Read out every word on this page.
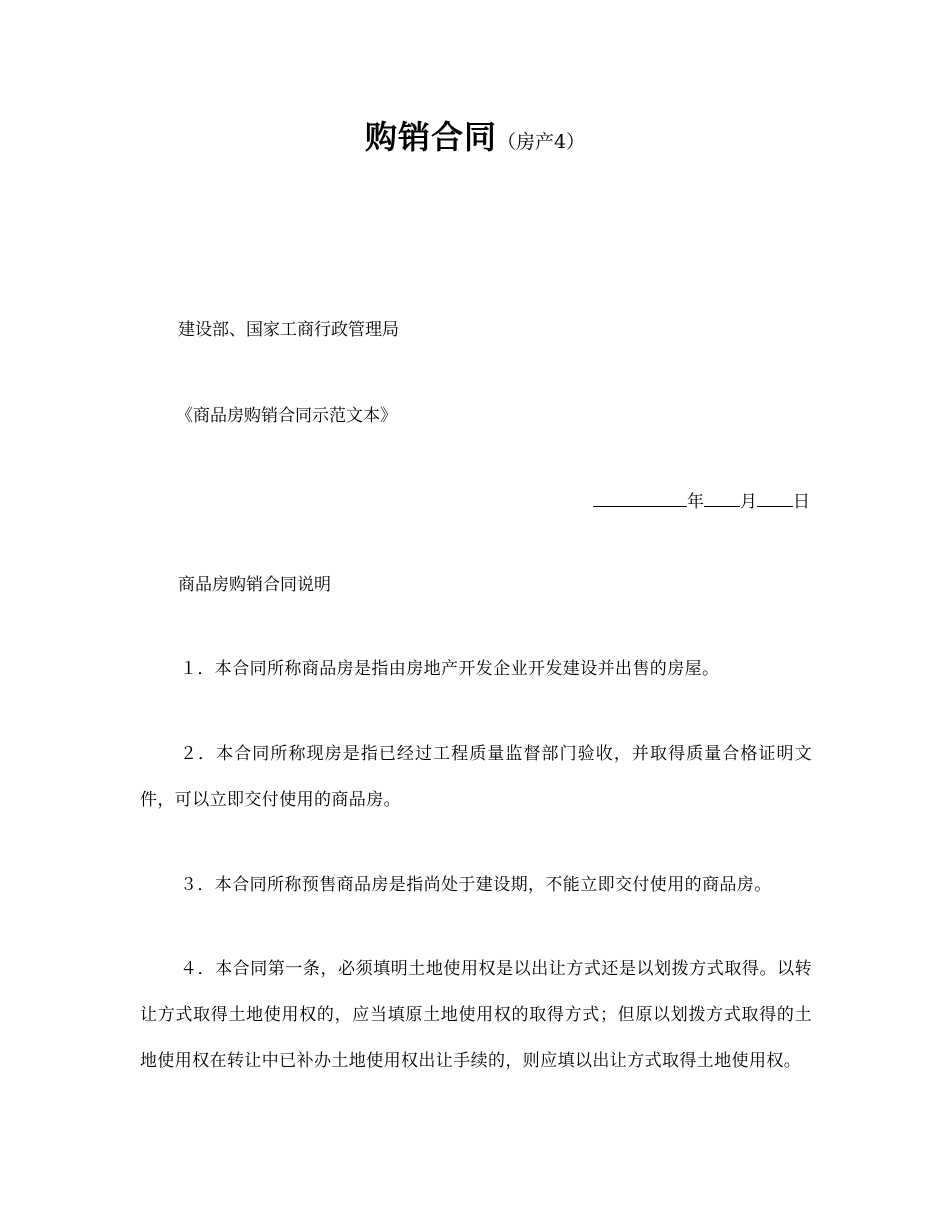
购销合同（房产4）
建设部、国家工商行政管理局
《商品房购销合同示范文本》
年 月 日
商品房购销合同说明
１．本合同所称商品房是指由房地产开发企业开发建设并出售的房屋。
２．本合同所称现房是指已经过工程质量监督部门验收，并取得质量合格证明文件，可以立即交付使用的商品房。
３．本合同所称预售商品房是指尚处于建设期，不能立即交付使用的商品房。
４．本合同第一条，必须填明土地使用权是以出让方式还是以划拨方式取得。以转让方式取得土地使用权的，应当填原土地使用权的取得方式；但原以划拨方式取得的土地使用权在转让中已补办土地使用权出让手续的，则应填以出让方式取得土地使用权。
